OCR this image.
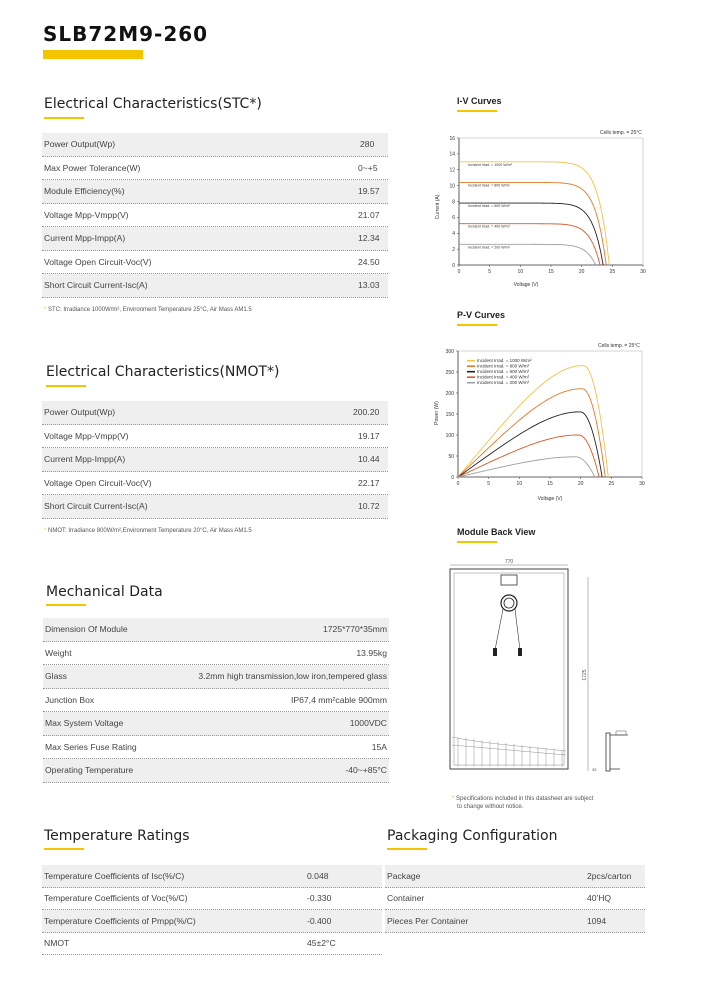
SLB72M9-260
Electrical Characteristics(STC*)
Power Output(Wp)	280
Max Power Tolerance(W)	0~+5
Module Efficiency(%)	19.57
Voltage Mpp-Vmpp(V)	21.07
Current Mpp-Impp(A)	12.34
Voltage Open Circuit-Voc(V)	24.50
Short Circuit Current-Isc(A)	13.03
* STC: Irradiance 1000W/m², Environment Temperature 25°C, Air Mass AM1.5
Electrical Characteristics(NMOT*)
Power Output(Wp)	200.20
Voltage Mpp-Vmpp(V)	19.17
Current Mpp-Impp(A)	10.44
Voltage Open Circuit-Voc(V)	22.17
Short Circuit Current-Isc(A)	10.72
* NMOT: Irradiance 800W/m²,Environment Temperature 20°C, Air Mass AM1.5
Mechanical Data
Dimension Of Module	1725*770*35mm
Weight	13.95kg
Glass	3.2mm high transmission,low iron,tempered glass
Junction Box	IP67,4 mm²cable 900mm
Max System Voltage	1000VDC
Max Series Fuse Rating	15A
Operating Temperature	-40~+85°C
Temperature Ratings
Temperature Coefficients of Isc(%/C)	0.048
Temperature Coefficients of Voc(%/C)	-0.330
Temperature Coefficients of Pmpp(%/C)	-0.400
NMOT	45±2°C
Packaging Configuration
Package	2pcs/carton
Container	40'HQ
Pieces Per Container	1094
I-V Curves
Cells temp. = 25°C
Current (A)
Voltage (V)
0	5	10	15	20	25	30
0
2
4
6
8
10
12
14
16
Incident Irrad. = 1000 W/m²
Incident Irrad. = 800 W/m²
Incident Irrad. = 600 W/m²
Incident Irrad. = 400 W/m²
Incident Irrad. = 200 W/m²
P-V Curves
Cells temp. = 25°C
Power (W)
Voltage (V)
0	5	10	15	20	25	30
0
50
100
150
200
250
300
Incident Irrad. = 1000 W/m²
Incident Irrad. = 800 W/m²
Incident Irrad. = 600 W/m²
Incident Irrad. = 400 W/m²
Incident Irrad. = 200 W/m²
Module Back View
770
1725
35
* Specifications included in this datasheet are subject
to change without notice.
